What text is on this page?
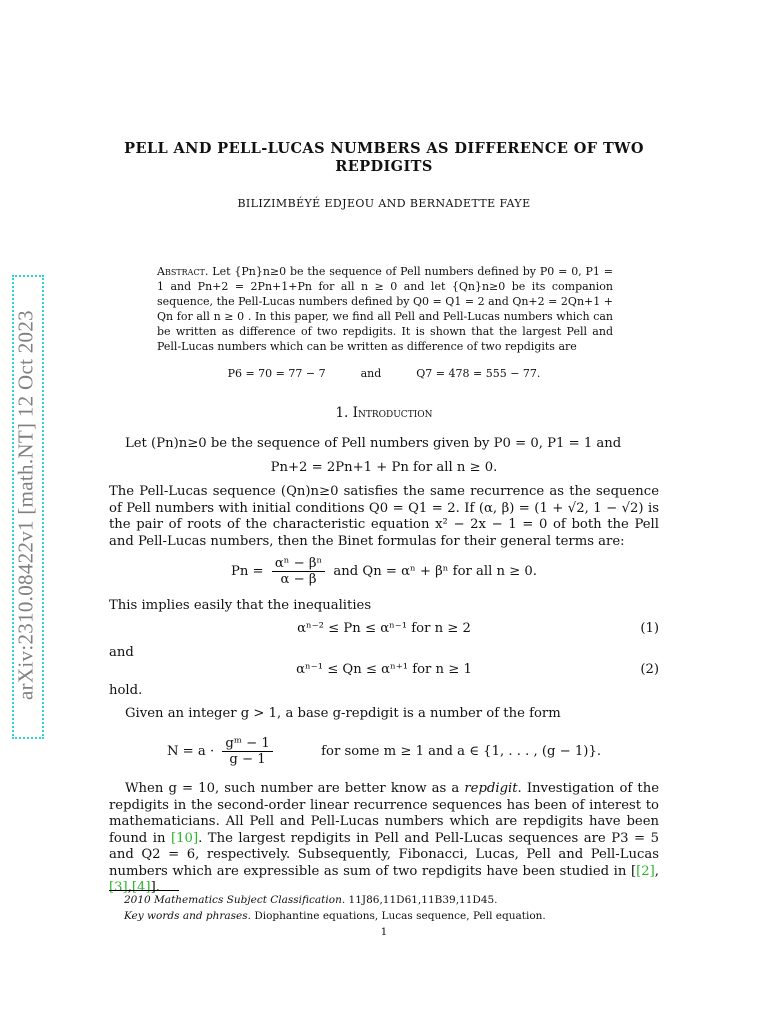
PELL AND PELL-LUCAS NUMBERS AS DIFFERENCE OF TWO
REPDIGITS
BILIZIMBÉYÉ EDJEOU AND BERNADETTE FAYE
arXiv:2310.08422v1 [math.NT] 12 Oct 2023
Abstract. Let {Pn}n≥0 be the sequence of Pell numbers defined by P0 = 0, P1 = 1 and Pn+2 = 2Pn+1+Pn for all n ≥ 0 and let {Qn}n≥0 be its companion sequence, the Pell-Lucas numbers defined by Q0 = Q1 = 2 and Qn+2 = 2Qn+1 + Qn for all n ≥ 0 . In this paper, we find all Pell and Pell-Lucas numbers which can be written as difference of two repdigits. It is shown that the largest Pell and Pell-Lucas numbers which can be written as difference of two repdigits are
P6 = 70 = 77 − 7	and	Q7 = 478 = 555 − 77.
1. Introduction
Let (Pn)n≥0 be the sequence of Pell numbers given by P0 = 0, P1 = 1 and
Pn+2 = 2Pn+1 + Pn for all n ≥ 0.
The Pell-Lucas sequence (Qn)n≥0 satisfies the same recurrence as the sequence of Pell numbers with initial conditions Q0 = Q1 = 2. If (α, β) = (1 + √2, 1 − √2) is the pair of roots of the characteristic equation x² − 2x − 1 = 0 of both the Pell and Pell-Lucas numbers, then the Binet formulas for their general terms are:
$Pn = \frac{\text{αⁿ − βⁿ}}{\alpha - \beta}$ and Qn = αⁿ + βⁿ for all n ≥ 0.
This implies easily that the inequalities
αⁿ⁻² ≤ Pn ≤ αⁿ⁻¹ for n ≥ 2	(1)
and
αⁿ⁻¹ ≤ Qn ≤ αⁿ⁺¹ for n ≥ 1	(2)
hold.
Given an integer g > 1, a base g-repdigit is a number of the form
$N = a \cdot \frac{\text{gᵐ − 1}}{g - 1}$	for some m ≥ 1 and a ∈ {1, . . . , (g − 1)}.
When g = 10, such number are better know as a repdigit. Investigation of the repdigits in the second-order linear recurrence sequences has been of interest to mathematicians. All Pell and Pell-Lucas numbers which are repdigits have been found in [10]. The largest repdigits in Pell and Pell-Lucas sequences are P3 = 5 and Q2 = 6, respectively. Subsequently, Fibonacci, Lucas, Pell and Pell-Lucas numbers which are expressible as sum of two repdigits have been studied in [[2],[3],[4]].
2010 Mathematics Subject Classification. 11J86,11D61,11B39,11D45.
Key words and phrases. Diophantine equations, Lucas sequence, Pell equation.
1
